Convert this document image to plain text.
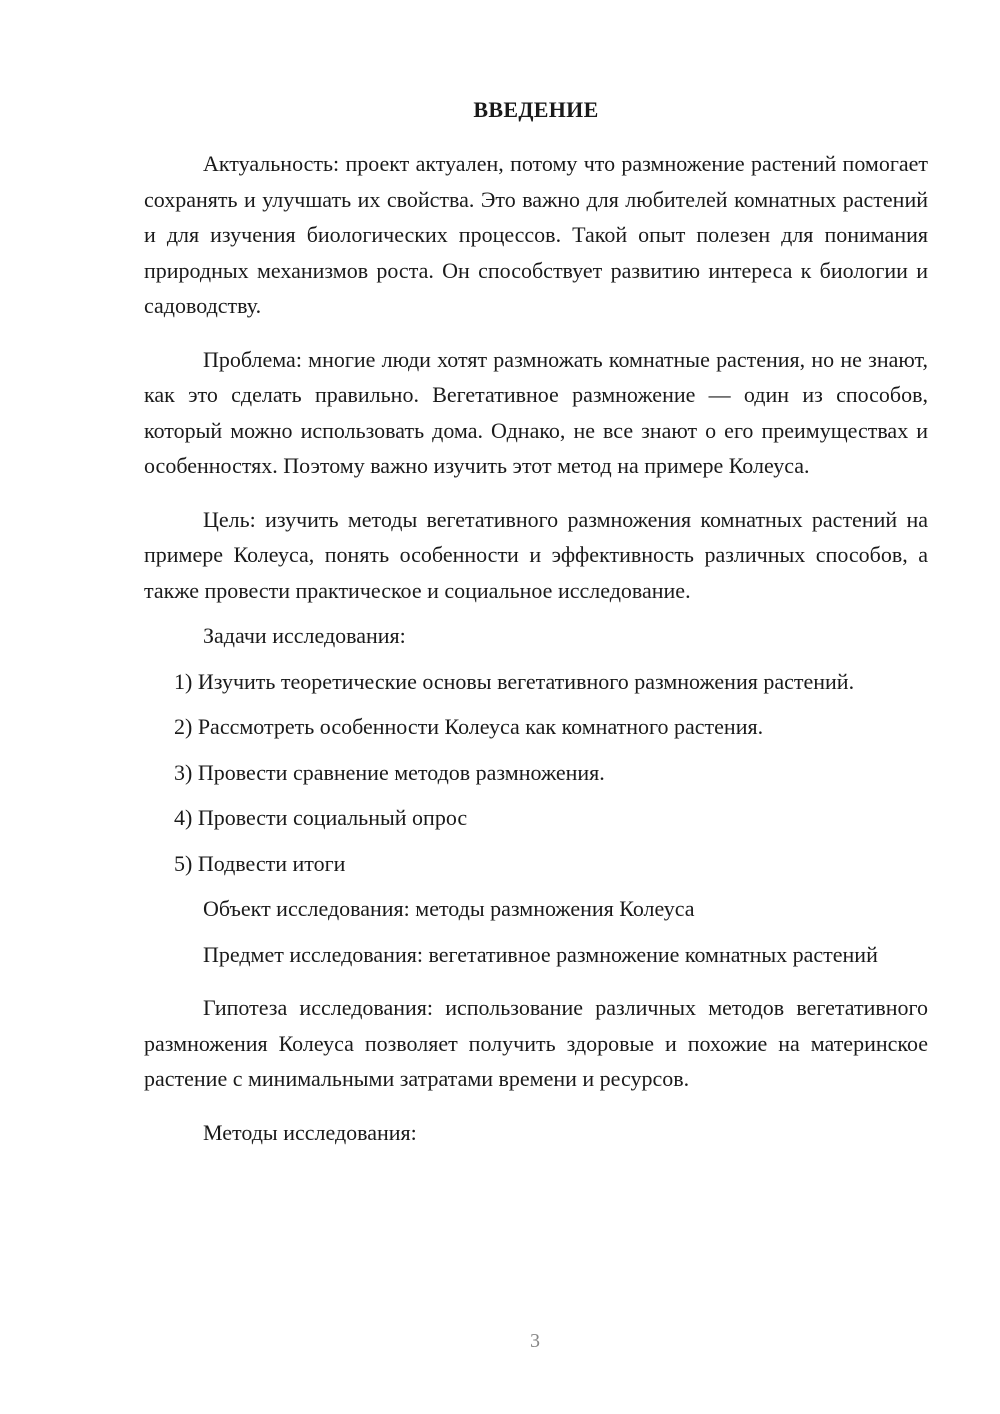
ВВЕДЕНИЕ

Актуальность: проект актуален, потому что размножение растений помогает сохранять и улучшать их свойства. Это важно для любителей комнатных растений и для изучения биологических процессов. Такой опыт полезен для понимания природных механизмов роста. Он способствует развитию интереса к биологии и садоводству.

Проблема: многие люди хотят размножать комнатные растения, но не знают, как это сделать правильно. Вегетативное размножение — один из способов, который можно использовать дома. Однако, не все знают о его преимуществах и особенностях. Поэтому важно изучить этот метод на примере Колеуса.

Цель: изучить методы вегетативного размножения комнатных растений на примере Колеуса, понять особенности и эффективность различных способов, а также провести практическое и социальное исследование.

Задачи исследования:

1) Изучить теоретические основы вегетативного размножения растений.

2) Рассмотреть особенности Колеуса как комнатного растения.

3) Провести сравнение методов размножения.

4) Провести социальный опрос

5) Подвести итоги

Объект исследования: методы размножения Колеуса

Предмет исследования: вегетативное размножение комнатных растений

Гипотеза исследования: использование различных методов вегетативного размножения Колеуса позволяет получить здоровые и похожие на материнское растение с минимальными затратами времени и ресурсов.

Методы исследования:

3
